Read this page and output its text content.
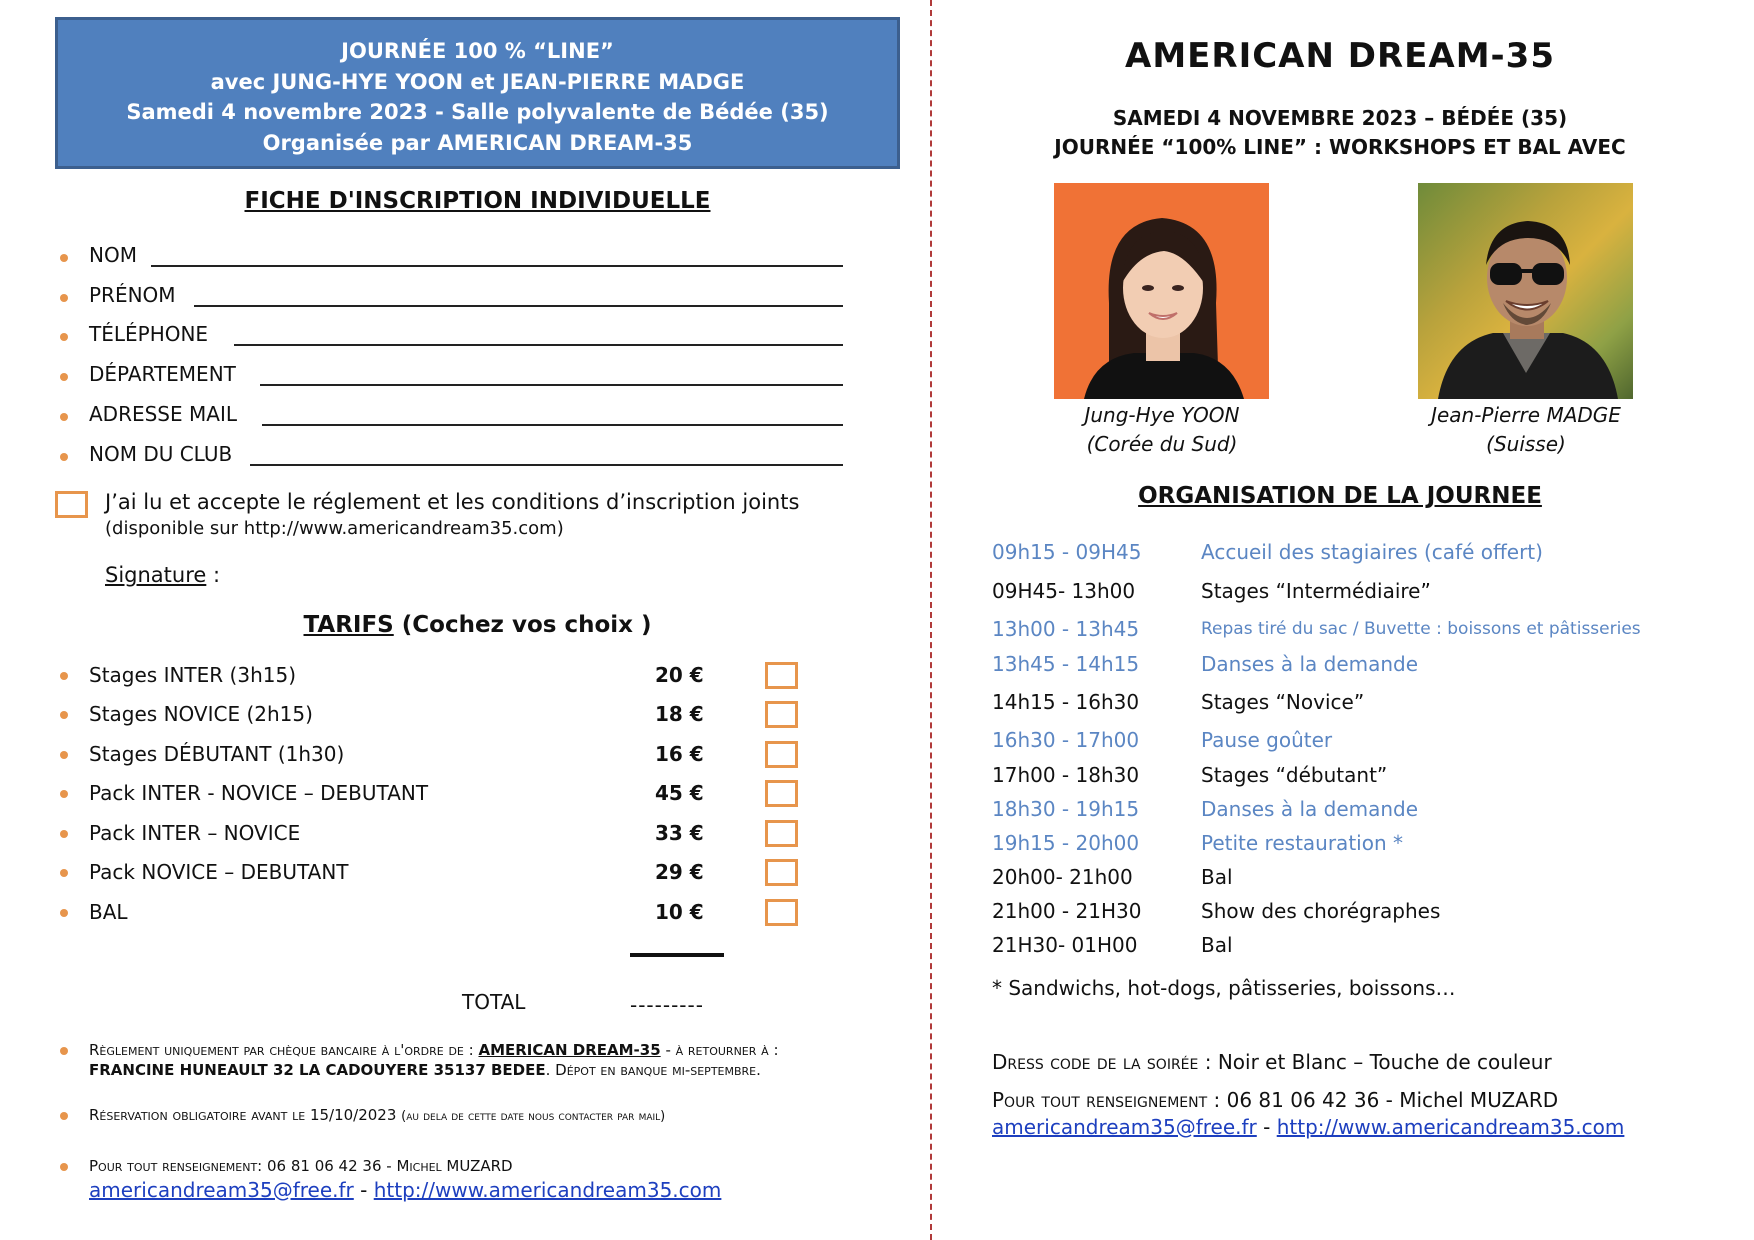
JOURNÉE 100 % “LINE”
avec JUNG-HYE YOON et JEAN-PIERRE MADGE
Samedi 4 novembre 2023 - Salle polyvalente de Bédée (35)
Organisée par AMERICAN DREAM-35
FICHE D'INSCRIPTION INDIVIDUELLE
NOM
PRÉNOM
TÉLÉPHONE
DÉPARTEMENT
ADRESSE MAIL
NOM DU CLUB
J’ai lu et accepte le réglement et les conditions d’inscription joints
(disponible sur http://www.americandream35.com)
Signature :
TARIFS (Cochez vos choix )
Stages INTER (3h15)	20 €
Stages NOVICE (2h15)	18 €
Stages DÉBUTANT (1h30)	16 €
Pack INTER - NOVICE – DEBUTANT	45 €
Pack INTER – NOVICE	33 €
Pack NOVICE – DEBUTANT	29 €
BAL	10 €
TOTAL	---------
Règlement uniquement par chèque bancaire à l'ordre de : AMERICAN DREAM-35 - à retourner à : FRANCINE HUNEAULT 32 LA CADOUYERE 35137 BEDEE. Dépot en banque mi-septembre.
Réservation obligatoire avant le 15/10/2023 (au dela de cette date nous contacter par mail)
Pour tout renseignement: 06 81 06 42 36 - Michel MUZARD
americandream35@free.fr - http://www.americandream35.com
AMERICAN DREAM-35
SAMEDI 4 NOVEMBRE 2023 – BÉDÉE (35)
JOURNÉE “100% LINE” : WORKSHOPS ET BAL AVEC
Jung-Hye YOON
(Corée du Sud)
Jean-Pierre MADGE
(Suisse)
ORGANISATION DE LA JOURNEE
09h15 - 09H45	Accueil des stagiaires (café offert)
09H45- 13h00	Stages “Intermédiaire”
13h00 - 13h45	Repas tiré du sac / Buvette : boissons et pâtisseries
13h45 - 14h15	Danses à la demande
14h15 - 16h30	Stages “Novice”
16h30 - 17h00	Pause goûter
17h00 - 18h30	Stages “débutant”
18h30 - 19h15	Danses à la demande
19h15 - 20h00	Petite restauration *
20h00- 21h00	Bal
21h00 - 21H30	Show des chorégraphes
21H30- 01H00	Bal
* Sandwichs, hot-dogs, pâtisseries, boissons…
Dress code de la soirée : Noir et Blanc – Touche de couleur
Pour tout renseignement : 06 81 06 42 36 - Michel MUZARD
americandream35@free.fr - http://www.americandream35.com
